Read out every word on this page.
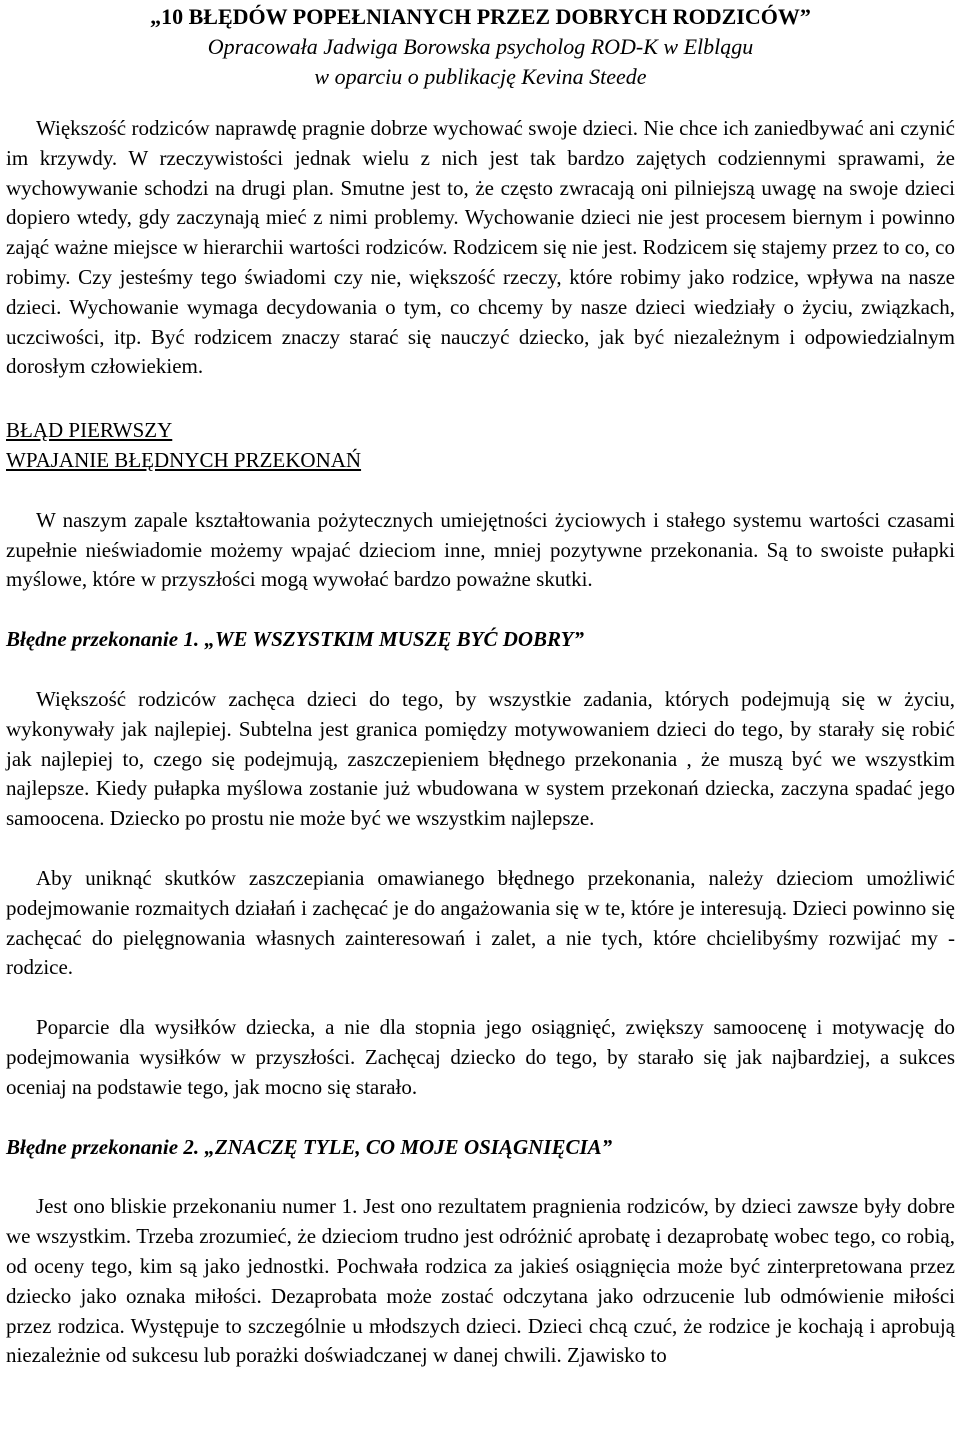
„10 BŁĘDÓW POPEŁNIANYCH PRZEZ DOBRYCH RODZICÓW”
Opracowała Jadwiga Borowska psycholog ROD-K w Elblągu
w oparciu o publikację Kevina Steede

Większość rodziców naprawdę pragnie dobrze wychować swoje dzieci. Nie chce ich zaniedbywać ani czynić im krzywdy. W rzeczywistości jednak wielu z nich jest tak bardzo zajętych codziennymi sprawami, że wychowywanie schodzi na drugi plan. Smutne jest to, że często zwracają oni pilniejszą uwagę na swoje dzieci dopiero wtedy, gdy zaczynają mieć z nimi problemy. Wychowanie dzieci nie jest procesem biernym i powinno zająć ważne miejsce w hierarchii wartości rodziców. Rodzicem się nie jest. Rodzicem się stajemy przez to co, co robimy. Czy jesteśmy tego świadomi czy nie, większość rzeczy, które robimy jako rodzice, wpływa na nasze dzieci. Wychowanie wymaga decydowania o tym, co chcemy by nasze dzieci wiedziały o życiu, związkach, uczciwości, itp. Być rodzicem znaczy starać się nauczyć dziecko, jak być niezależnym i odpowiedzialnym dorosłym człowiekiem.

BŁĄD PIERWSZY
WPAJANIE BŁĘDNYCH PRZEKONAŃ

W naszym zapale kształtowania pożytecznych umiejętności życiowych i stałego systemu wartości czasami zupełnie nieświadomie możemy wpajać dzieciom inne, mniej pozytywne przekonania. Są to swoiste pułapki myślowe, które w przyszłości mogą wywołać bardzo poważne skutki.

Błędne przekonanie 1. „WE WSZYSTKIM MUSZĘ BYĆ DOBRY”

Większość rodziców zachęca dzieci do tego, by wszystkie zadania, których podejmują się w życiu, wykonywały jak najlepiej. Subtelna jest granica pomiędzy motywowaniem dzieci do tego, by starały się robić jak najlepiej to, czego się podejmują, zaszczepieniem błędnego przekonania , że muszą być we wszystkim najlepsze. Kiedy pułapka myślowa zostanie już wbudowana w system przekonań dziecka, zaczyna spadać jego samoocena. Dziecko po prostu nie może być we wszystkim najlepsze.

Aby uniknąć skutków zaszczepiania omawianego błędnego przekonania, należy dzieciom umożliwić podejmowanie rozmaitych działań i zachęcać je do angażowania się w te, które je interesują. Dzieci powinno się zachęcać do pielęgnowania własnych zainteresowań i zalet, a nie tych, które chcielibyśmy rozwijać my - rodzice.

Poparcie dla wysiłków dziecka, a nie dla stopnia jego osiągnięć, zwiększy samoocenę i motywację do podejmowania wysiłków w przyszłości. Zachęcaj dziecko do tego, by starało się jak najbardziej, a sukces oceniaj na podstawie tego, jak mocno się starało.

Błędne przekonanie 2. „ZNACZĘ TYLE, CO MOJE OSIĄGNIĘCIA”

Jest ono bliskie przekonaniu numer 1. Jest ono rezultatem pragnienia rodziców, by dzieci zawsze były dobre we wszystkim. Trzeba zrozumieć, że dzieciom trudno jest odróżnić aprobatę i dezaprobatę wobec tego, co robią, od oceny tego, kim są jako jednostki. Pochwała rodzica za jakieś osiągnięcia może być zinterpretowana przez dziecko jako oznaka miłości. Dezaprobata może zostać odczytana jako odrzucenie lub odmówienie miłości przez rodzica. Występuje to szczególnie u młodszych dzieci. Dzieci chcą czuć, że rodzice je kochają i aprobują niezależnie od sukcesu lub porażki doświadczanej w danej chwili. Zjawisko to
